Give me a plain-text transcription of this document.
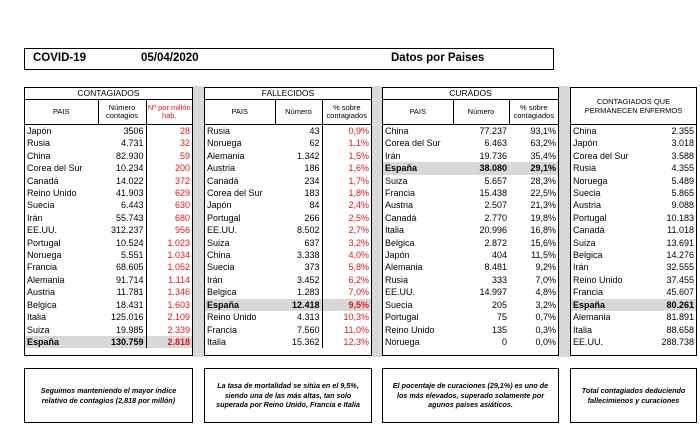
COVID-19	05/04/2020	Datos por Paises
CONTAGIADOS
PAIS	Número contagios	Nº por millón hab.
Japón	3506	28
Rusia	4.731	32
China	82.930	59
Corea del Sur	10.234	200
Canadá	14.022	372
Reino Unido	41.903	629
Suecia	6.443	630
Irán	55.743	680
EE.UU.	312.237	956
Portugal	10.524	1.023
Noruega	5.551	1.034
Francia	68.605	1.052
Alemania	91.714	1.114
Austria	11.781	1.346
Belgica	18.431	1.603
Italia	125.016	2.109
Suiza	19.985	2.339
España	130.759	2.818
FALLECIDOS
PAIS	Número	% sobre contagiados
Rusia	43	0,9%
Noruega	62	1,1%
Alemania	1.342	1,5%
Austria	186	1,6%
Canadá	234	1,7%
Corea del Sur	183	1,8%
Japón	84	2,4%
Portugal	266	2,5%
EE.UU.	8.502	2,7%
Suiza	637	3,2%
China	3.338	4,0%
Suecia	373	5,8%
Irán	3.452	6,2%
Belgica	1.283	7,0%
España	12.418	9,5%
Reino Unido	4.313	10,3%
Francia	7.560	11,0%
Italia	15.362	12,3%
CURADOS
PAIS	Número	% sobre contagiados
China	77.237	93,1%
Corea del Sur	6.463	63,2%
Irán	19.736	35,4%
España	38.080	29,1%
Suiza	5.657	28,3%
Francia	15.438	22,5%
Austria	2.507	21,3%
Canadá	2.770	19,8%
Italia	20.996	16,8%
Belgica	2.872	15,6%
Japón	404	11,5%
Alemania	8.481	9,2%
Rusia	333	7,0%
EE.UU.	14.997	4,8%
Suecia	205	3,2%
Portugal	75	0,7%
Reino Unido	135	0,3%
Noruega	0	0,0%
CONTAGIADOS QUE PERMANECEN ENFERMOS
China	2.355
Japón	3.018
Corea del Sur	3.588
Rusia	4.355
Noruega	5.489
Suecia	5.865
Austria	9.088
Portugal	10.183
Canadá	11.018
Suiza	13.691
Belgica	14.276
Irán	32.555
Reino Unido	37.455
Francia	45.607
España	80.261
Alemania	81.891
Italia	88.658
EE.UU.	288.738
Seguimos manteniendo el mayor índice relativo de contagios (2,818 por millón)
La tasa de mortalidad se sitúa en el 9,5%, siendo una de las más altas, tan solo superada por Reino Unido, Francia e Italia
El pocentaje de curaciones (29,1%) es uno de los más elevados, superado solamente por agunos paises asiáticos.
Total contagiados deduciendo fallecimienos y curaciones
